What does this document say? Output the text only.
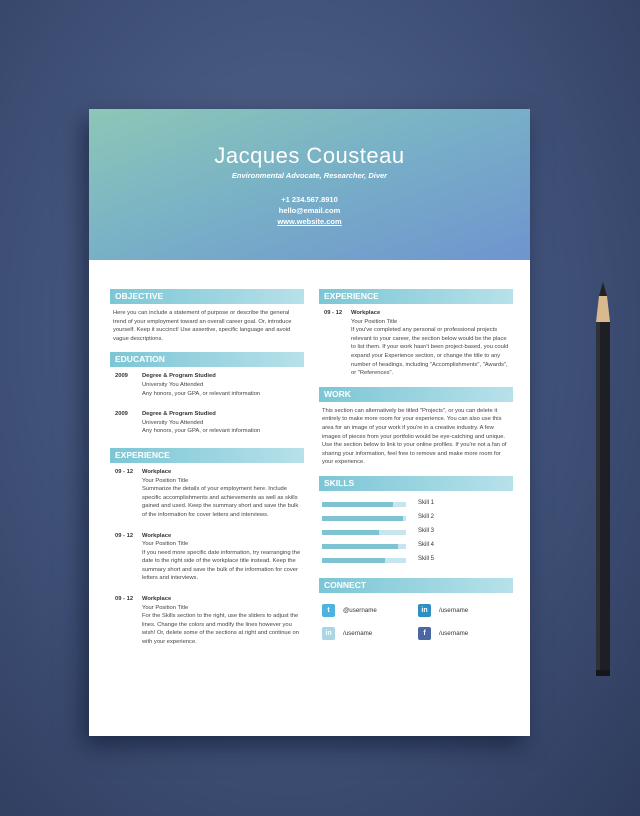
Jacques Cousteau
Environmental Advocate, Researcher, Diver
+1 234.567.8910
hello@email.com
www.website.com
OBJECTIVE
Here you can include a statement of purpose or describe the general trend of your employment toward an overall career goal. Or, introduce yourself. Keep it succinct! Use assertive, specific language and avoid vague descriptions.
EDUCATION
2009 Degree & Program Studied
University You Attended
Any honors, your GPA, or relevant information
2009 Degree & Program Studied
University You Attended
Any honors, your GPA, or relevant information
EXPERIENCE
09 - 12 Workplace
Your Position Title
Summarize the details of your employment here. Include specific accomplishments and achievements as well as skills gained and used. Keep the summary short and save the bulk of the information for cover letters and interviews.
09 - 12 Workplace
Your Position Title
If you need more specific date information, try rearranging the date to the right side of the workplace title instead. Keep the summary short and save the bulk of the information for cover letters and interviews.
09 - 12 Workplace
Your Position Title
For the Skills section to the right, use the sliders to adjust the lines. Change the colors and modify the lines however you wish! Or, delete some of the sections at right and continue on with your experience.
EXPERIENCE
09 - 12 Workplace
Your Position Title
If you've completed any personal or professional projects relevant to your career, the section below would be the place to list them. If your work hasn't been project-based, you could expand your Experience section, or change the title to any number of headings, including "Accomplishments", "Awards", or "References".
WORK
This section can alternatively be titled "Projects", or you can delete it entirely to make more room for your experience. You can also use this area for an image of your work if you're in a creative industry. A few images of pieces from your portfolio would be eye-catching and unique. Use the section below to link to your online profiles. If you're not a fan of sharing your information, feel free to remove and make more room for your experience.
SKILLS
Skill 1
Skill 2
Skill 3
Skill 4
Skill 5
CONNECT
t	@username	in	/username
in	/username	f	/username
